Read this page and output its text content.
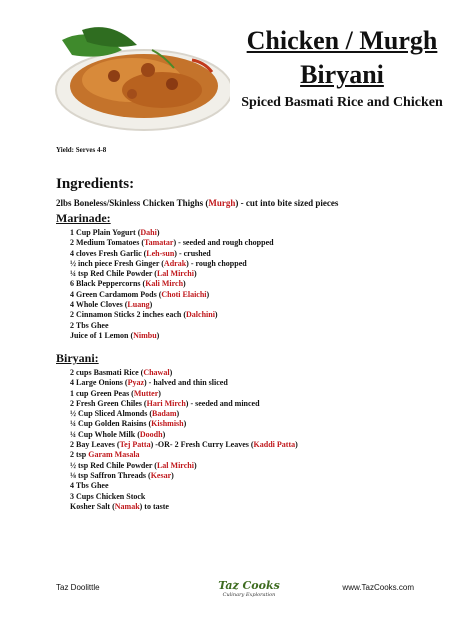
Chicken / Murgh
Biryani
Spiced Basmati Rice and Chicken
Yield: Serves 4-8
Ingredients:
2lbs Boneless/Skinless Chicken Thighs (Murgh) - cut into bite sized pieces
Marinade:
1 Cup Plain Yogurt (Dahi)
2 Medium Tomatoes (Tamatar) - seeded and rough chopped
4 cloves Fresh Garlic (Leh-sun) - crushed
½ inch piece Fresh Ginger (Adrak) - rough chopped
¼ tsp Red Chile Powder (Lal Mirchi)
6 Black Peppercorns (Kali Mirch)
4 Green Cardamom Pods (Choti Elaichi)
4 Whole Cloves (Luang)
2 Cinnamon Sticks 2 inches each (Dalchini)
2 Tbs Ghee
Juice of 1 Lemon (Nimbu)
Biryani:
2 cups Basmati Rice (Chawal)
4 Large Onions (Pyaz) - halved and thin sliced
1 cup Green Peas (Mutter)
2 Fresh Green Chiles (Hari Mirch) - seeded and minced
½ Cup Sliced Almonds (Badam)
¼ Cup Golden Raisins (Kishmish)
¼ Cup Whole Milk (Doodh)
2 Bay Leaves (Tej Patta) -OR- 2 Fresh Curry Leaves (Kaddi Patta)
2 tsp Garam Masala
½ tsp Red Chile Powder (Lal Mirchi)
⅛ tsp Saffron Threads (Kesar)
4 Tbs Ghee
3 Cups Chicken Stock
Kosher Salt (Namak) to taste
Taz Doolittle	Taz Cooks
Culinary Exploration
www.TazCooks.com
